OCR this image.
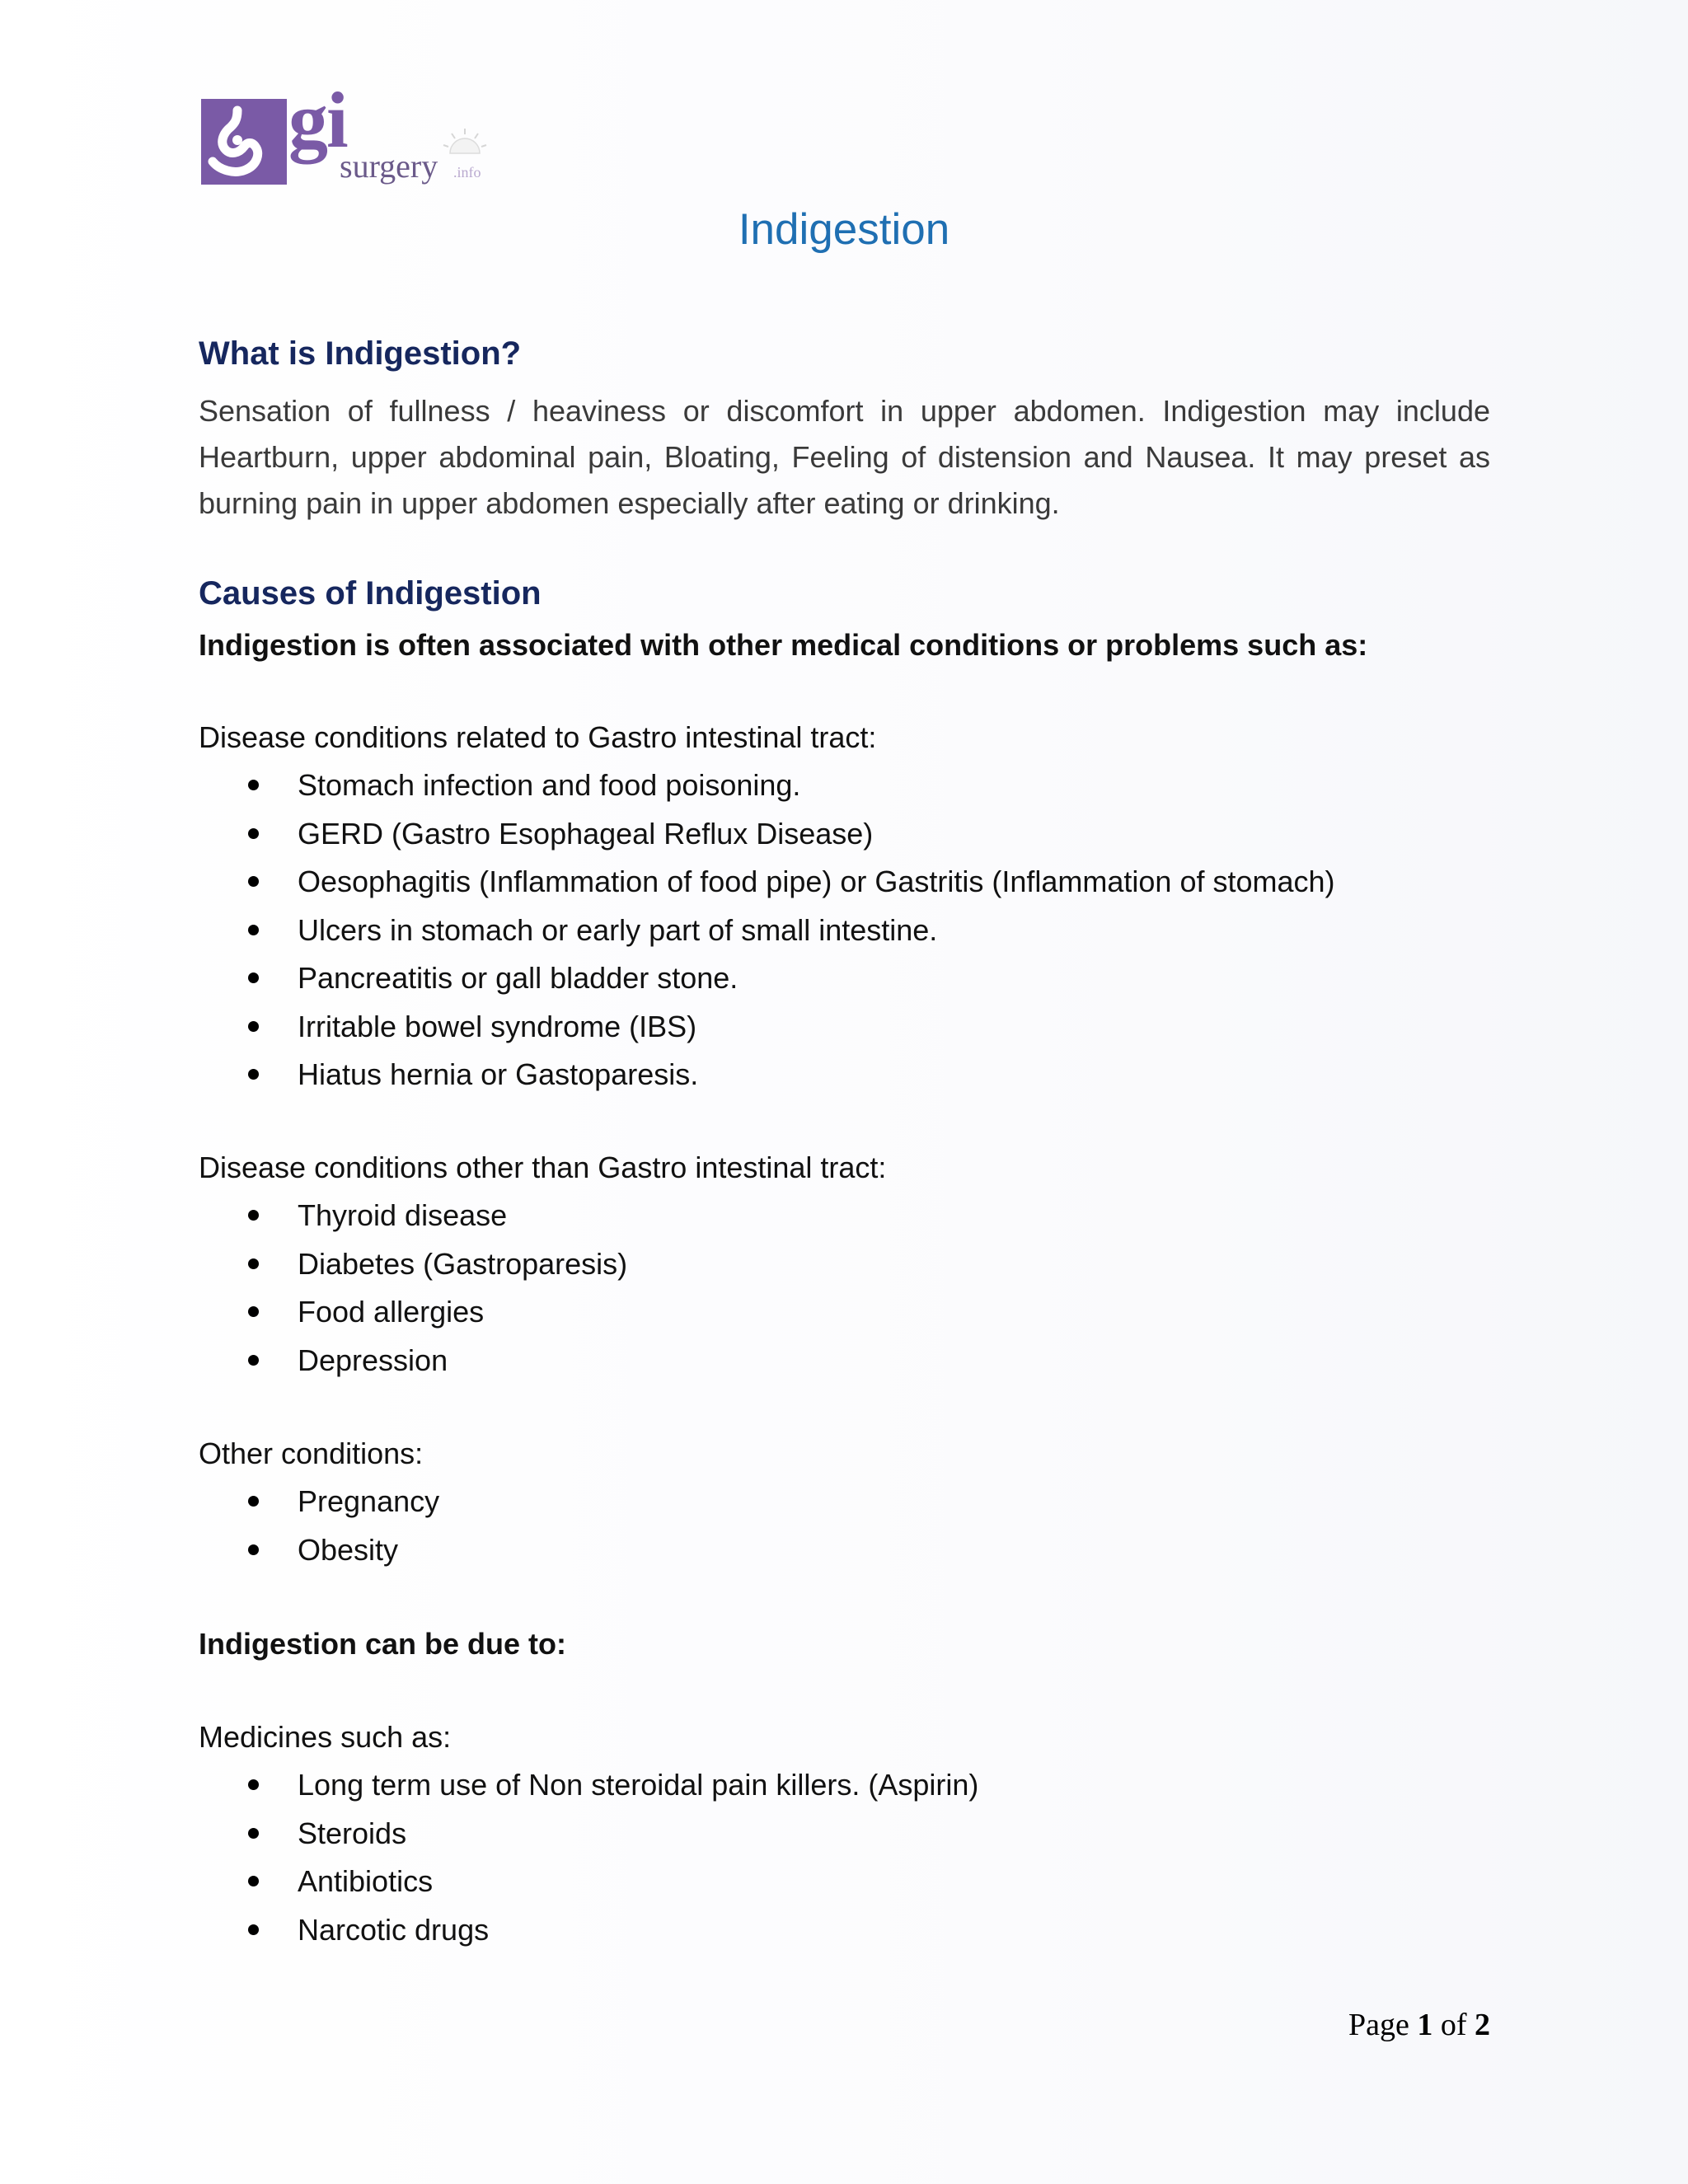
gi
surgery .info
Indigestion
What is Indigestion?
Sensation of fullness / heaviness or discomfort in upper abdomen. Indigestion may include Heartburn, upper abdominal pain, Bloating, Feeling of distension and Nausea. It may preset as burning pain in upper abdomen especially after eating or drinking.
Causes of Indigestion
Indigestion is often associated with other medical conditions or problems such as:
Disease conditions related to Gastro intestinal tract:
Stomach infection and food poisoning.
GERD (Gastro Esophageal Reflux Disease)
Oesophagitis (Inflammation of food pipe) or Gastritis (Inflammation of stomach)
Ulcers in stomach or early part of small intestine.
Pancreatitis or gall bladder stone.
Irritable bowel syndrome (IBS)
Hiatus hernia or Gastoparesis.
Disease conditions other than Gastro intestinal tract:
Thyroid disease
Diabetes (Gastroparesis)
Food allergies
Depression
Other conditions:
Pregnancy
Obesity
Indigestion can be due to:
Medicines such as:
Long term use of Non steroidal pain killers. (Aspirin)
Steroids
Antibiotics
Narcotic drugs
Page 1 of 2
